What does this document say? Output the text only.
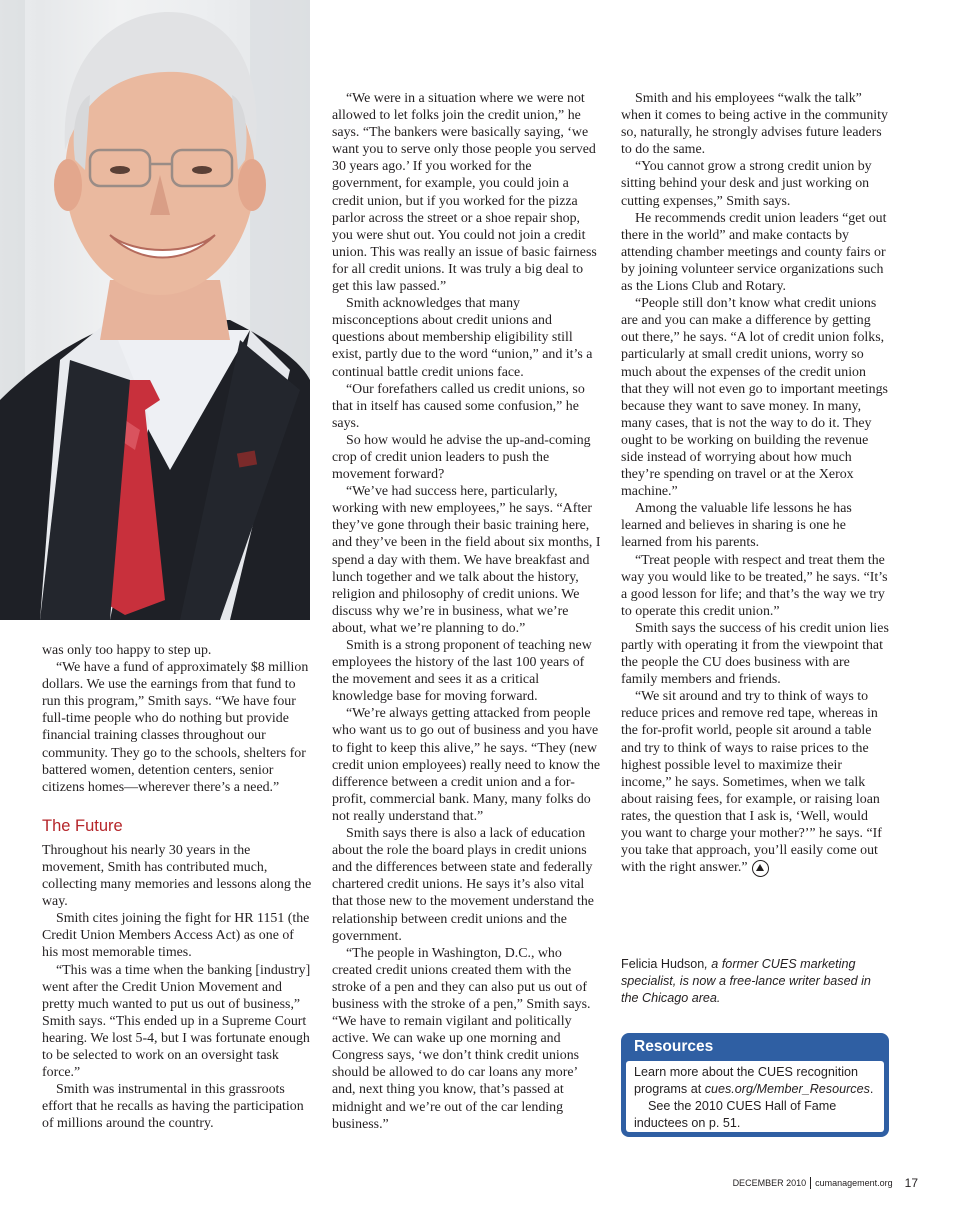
was only too happy to step up.

“We have a fund of approximately $8 million dollars. We use the earnings from that fund to run this program,” Smith says. “We have four full-time people who do nothing but provide financial training classes throughout our community. They go to the schools, shelters for battered women, detention centers, senior citizens homes—wherever there’s a need.”

The Future

Throughout his nearly 30 years in the movement, Smith has contributed much, collecting many memories and lessons along the way.

Smith cites joining the fight for HR 1151 (the Credit Union Members Access Act) as one of his most memorable times.

“This was a time when the banking [industry] went after the Credit Union Movement and pretty much wanted to put us out of business,” Smith says. “This ended up in a Supreme Court hearing. We lost 5-4, but I was fortunate enough to be selected to work on an oversight task force.”

Smith was instrumental in this grassroots effort that he recalls as having the participation of millions around the country.

“We were in a situation where we were not allowed to let folks join the credit union,” he says. “The bankers were basically saying, ‘we want you to serve only those people you served 30 years ago.’ If you worked for the government, for example, you could join a credit union, but if you worked for the pizza parlor across the street or a shoe repair shop, you were shut out. You could not join a credit union. This was really an issue of basic fairness for all credit unions. It was truly a big deal to get this law passed.”

Smith acknowledges that many misconceptions about credit unions and questions about membership eligibility still exist, partly due to the word “union,” and it’s a continual battle credit unions face.

“Our forefathers called us credit unions, so that in itself has caused some confusion,” he says.

So how would he advise the up-and-coming crop of credit union leaders to push the movement forward?

“We’ve had success here, particularly, working with new employees,” he says. “After they’ve gone through their basic training here, and they’ve been in the field about six months, I spend a day with them. We have breakfast and lunch together and we talk about the history, religion and philosophy of credit unions. We discuss why we’re in business, what we’re about, what we’re planning to do.”

Smith is a strong proponent of teaching new employees the history of the last 100 years of the movement and sees it as a critical knowledge base for moving forward.

“We’re always getting attacked from people who want us to go out of business and you have to fight to keep this alive,” he says. “They (new credit union employees) really need to know the difference between a credit union and a for-profit, commercial bank. Many, many folks do not really understand that.”

Smith says there is also a lack of education about the role the board plays in credit unions and the differences between state and federally chartered credit unions. He says it’s also vital that those new to the movement understand the relationship between credit unions and the government.

“The people in Washington, D.C., who created credit unions created them with the stroke of a pen and they can also put us out of business with the stroke of a pen,” Smith says. “We have to remain vigilant and politically active. We can wake up one morning and Congress says, ‘we don’t think credit unions should be allowed to do car loans any more’ and, next thing you know, that’s passed at midnight and we’re out of the car lending business.”

Smith and his employees “walk the talk” when it comes to being active in the community so, naturally, he strongly advises future leaders to do the same.

“You cannot grow a strong credit union by sitting behind your desk and just working on cutting expenses,” Smith says.

He recommends credit union leaders “get out there in the world” and make contacts by attending chamber meetings and county fairs or by joining volunteer service organizations such as the Lions Club and Rotary.

“People still don’t know what credit unions are and you can make a difference by getting out there,” he says. “A lot of credit union folks, particularly at small credit unions, worry so much about the expenses of the credit union that they will not even go to important meetings because they want to save money. In many, many cases, that is not the way to do it. They ought to be working on building the revenue side instead of worrying about how much they’re spending on travel or at the Xerox machine.”

Among the valuable life lessons he has learned and believes in sharing is one he learned from his parents.

“Treat people with respect and treat them the way you would like to be treated,” he says. “It’s a good lesson for life; and that’s the way we try to operate this credit union.”

Smith says the success of his credit union lies partly with operating it from the viewpoint that the people the CU does business with are family members and friends.

“We sit around and try to think of ways to reduce prices and remove red tape, whereas in the for-profit world, people sit around a table and try to think of ways to raise prices to the highest possible level to maximize their income,” he says. Sometimes, when we talk about raising fees, for example, or raising loan rates, the question that I ask is, ‘Well, would you want to charge your mother?’” he says. “If you take that approach, you’ll easily come out with the right answer.”

Felicia Hudson, a former CUES marketing specialist, is now a free-lance writer based in the Chicago area.
Resources

Learn more about the CUES recognition programs at cues.org/Member_Resources.

See the 2010 CUES Hall of Fame inductees on p. 51.

DECEMBER 2010 cumanagement.org 17
